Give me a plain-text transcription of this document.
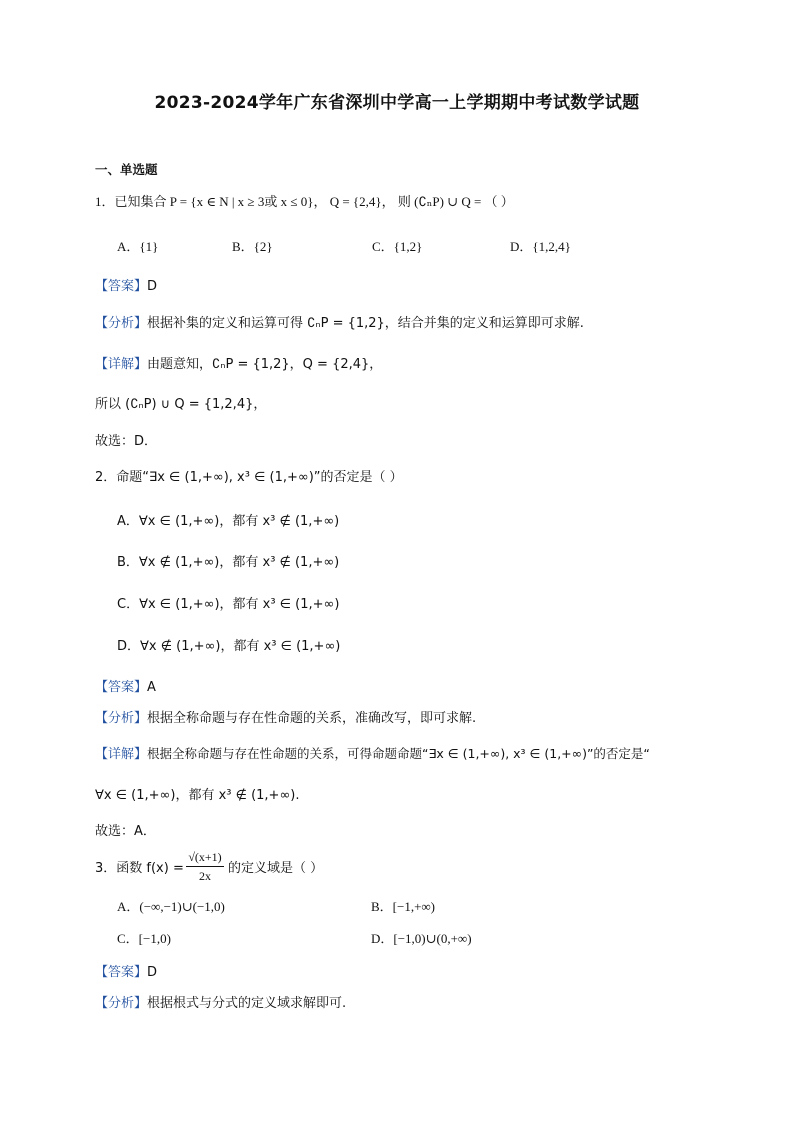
2023-2024学年广东省深圳中学高一上学期期中考试数学试题
一、单选题
1．已知集合 P = {x ∈ N | x ≥ 3或 x ≤ 0}， Q = {2,4}， 则 (∁ₙP) ∪ Q = （ ）
A．{1}	B．{2}	C．{1,2}	D．{1,2,4}
【答案】D
【分析】根据补集的定义和运算可得 ∁ₙP = {1,2}，结合并集的定义和运算即可求解.
【详解】由题意知，∁ₙP = {1,2}，Q = {2,4}，
所以 (∁ₙP) ∪ Q = {1,2,4}，
故选：D．
2．命题“∃x ∈ (1,+∞), x³ ∈ (1,+∞)”的否定是（ ）
A．∀x ∈ (1,+∞)，都有 x³ ∉ (1,+∞)
B．∀x ∉ (1,+∞)，都有 x³ ∉ (1,+∞)
C．∀x ∈ (1,+∞)，都有 x³ ∈ (1,+∞)
D．∀x ∉ (1,+∞)，都有 x³ ∈ (1,+∞)
【答案】A
【分析】根据全称命题与存在性命题的关系，准确改写，即可求解.
【详解】根据全称命题与存在性命题的关系，可得命题命题“∃x ∈ (1,+∞), x³ ∈ (1,+∞)”的否定是“
∀x ∈ (1,+∞)，都有 x³ ∉ (1,+∞).
故选：A．
3．函数 f(x) =
√(x+1)
2x	的定义域是（ ）
A．(−∞,−1)∪(−1,0)	B．[−1,+∞)
C．[−1,0)	D．[−1,0)∪(0,+∞)
【答案】D
【分析】根据根式与分式的定义域求解即可.
